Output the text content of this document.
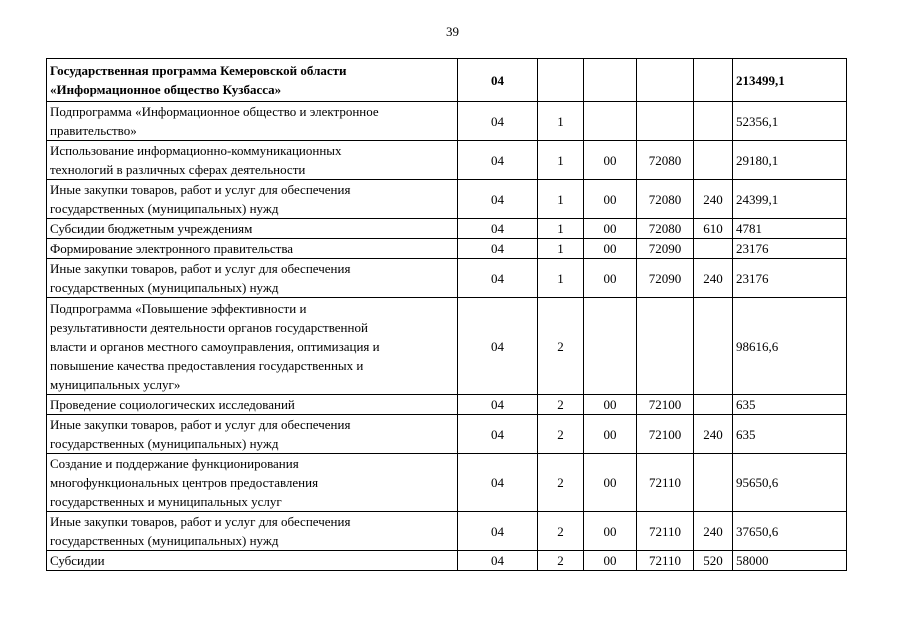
39
Государственная программа Кемеровской области
«Информационное общество Кузбасса»	04					213499,1

Подпрограмма «Информационное общество и электронное
правительство»	04	1				52356,1

Использование информационно-коммуникационных
технологий в различных сферах деятельности	04	1	00	72080		29180,1

Иные закупки товаров, работ и услуг для обеспечения
государственных (муниципальных) нужд	04	1	00	72080	240	24399,1

Субсидии бюджетным учреждениям	04	1	00	72080	610	4781

Формирование электронного правительства	04	1	00	72090		23176

Иные закупки товаров, работ и услуг для обеспечения
государственных (муниципальных) нужд	04	1	00	72090	240	23176

Подпрограмма «Повышение эффективности и
результативности деятельности органов государственной
власти и органов местного самоуправления, оптимизация и
повышение качества предоставления государственных и
муниципальных услуг»	04	2				98616,6

Проведение социологических исследований	04	2	00	72100		635

Иные закупки товаров, работ и услуг для обеспечения
государственных (муниципальных) нужд	04	2	00	72100	240	635

Создание и поддержание функционирования
многофункциональных центров предоставления
государственных и муниципальных услуг	04	2	00	72110		95650,6

Иные закупки товаров, работ и услуг для обеспечения
государственных (муниципальных) нужд	04	2	00	72110	240	37650,6

Субсидии	04	2	00	72110	520	58000
